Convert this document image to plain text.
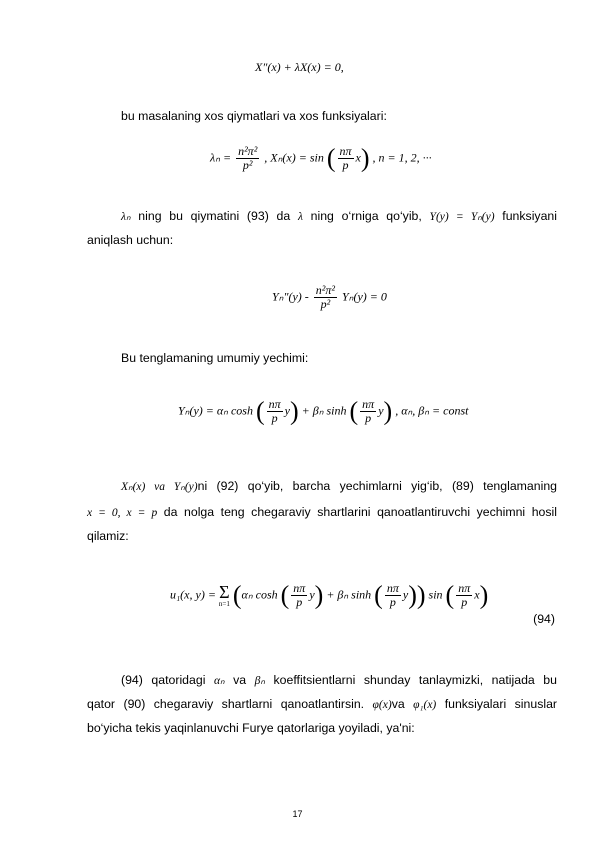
X″(x) + λX(x) = 0,

bu masalaning xos qiymatlari va xos funksiyalari:

$\lambda_n = \frac{\text{n²π²}}{\text{p²}}$ , Xₙ(x) = sin ( $\frac{n\pi}{p} x$) , n = 1, 2, ···

λₙ ning bu qiymatini (93) da λ ning o‘rniga qo‘yib, Y(y) = Yₙ(y) funksiyani

aniqlash uchun:

$Y_n''(y) - \frac{\text{n²π²}}{\text{p²}} Y_n(y) = 0$

Bu tenglamaning umumiy yechimi:

Yₙ(y) = αₙ cosh ( $\frac{n\pi}{p} y) + \beta_n$ sinh ( $\frac{n\pi}{p} y$) , αₙ, βₙ = const

Xₙ(x) va Yₙ(y)ni (92) qo‘yib, barcha yechimlarni yig‘ib, (89) tenglamaning

x = 0, x = p da nolga teng chegaraviy shartlarini qanoatlantiruvchi yechimni hosil

qilamiz:

u₁(x, y) = Σ
n=1 (αₙ cosh ( $\frac{n\pi}{p} y) + \beta_n$ sinh ( $\frac{n\pi}{p} y$)) sin ( $\frac{n\pi}{p} x$)
(94)

(94) qatoridagi αₙ va βₙ koeffitsientlarni shunday tanlaymizki, natijada bu

qator (90) chegaraviy shartlarni qanoatlantirsin. φ(x)va φ₁(x) funksiyalari sinuslar

bo‘yicha tekis yaqinlanuvchi Furye qatorlariga yoyiladi, ya'ni:

17
